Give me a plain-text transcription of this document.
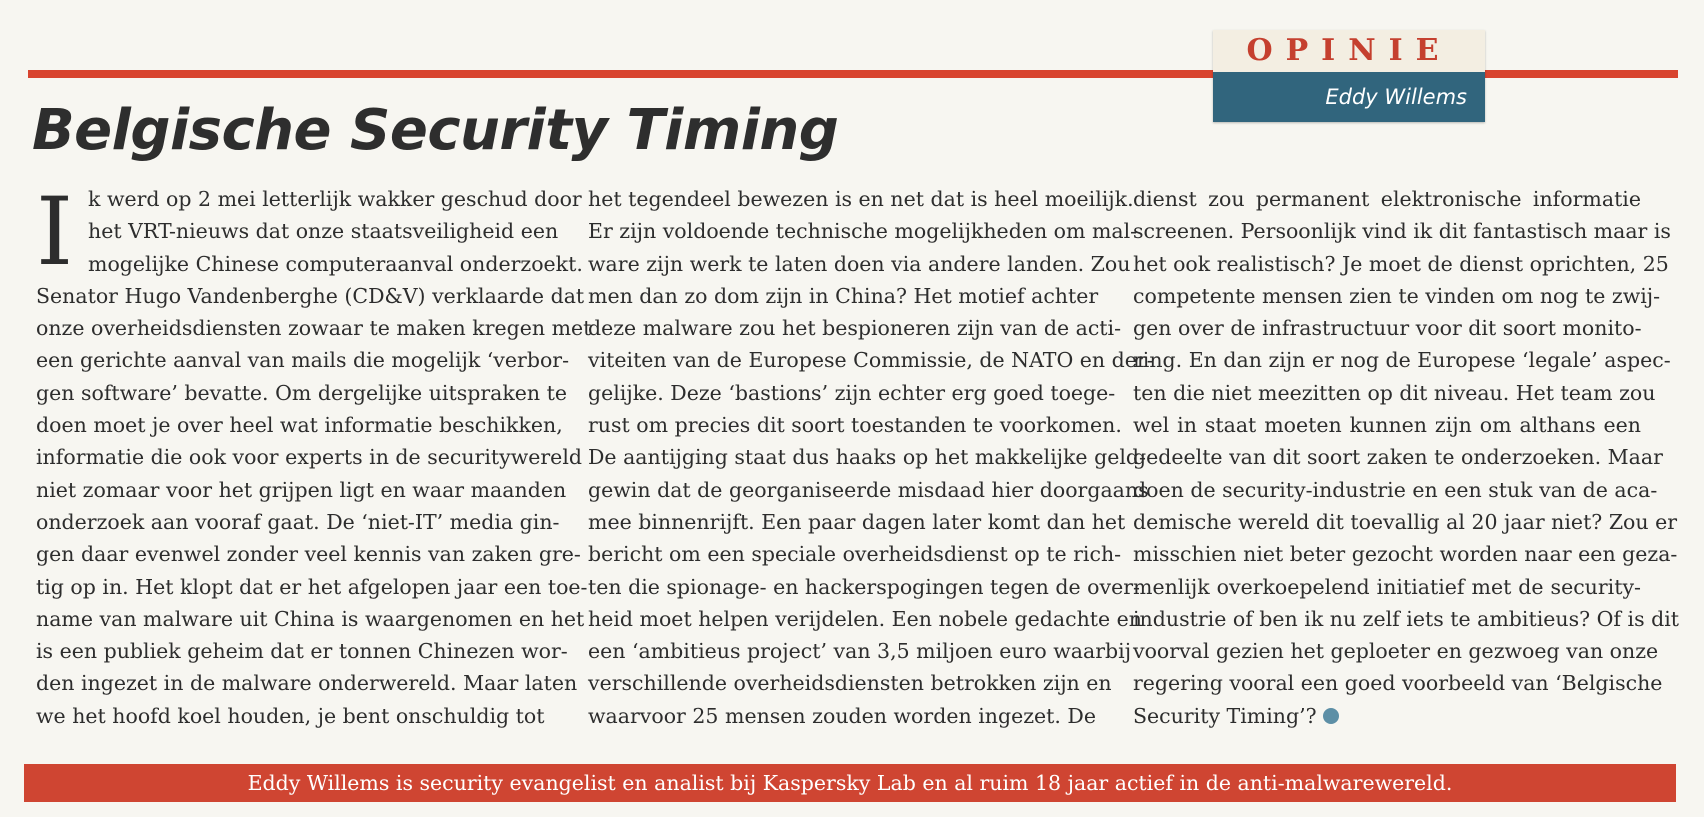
OPINIE
Eddy Willems
Belgische Security Timing
I k werd op 2 mei letterlijk wakker geschud door
het VRT-nieuws dat onze staatsveiligheid een
mogelijke Chinese computeraanval onderzoekt.
Senator Hugo Vandenberghe (CD&V) verklaarde dat
onze overheidsdiensten zowaar te maken kregen met
een gerichte aanval van mails die mogelijk ‘verbor-
gen software’ bevatte. Om dergelijke uitspraken te
doen moet je over heel wat informatie beschikken,
informatie die ook voor experts in de securitywereld
niet zomaar voor het grijpen ligt en waar maanden
onderzoek aan vooraf gaat. De ‘niet-IT’ media gin-
gen daar evenwel zonder veel kennis van zaken gre-
tig op in. Het klopt dat er het afgelopen jaar een toe-
name van malware uit China is waargenomen en het
is een publiek geheim dat er tonnen Chinezen wor-
den ingezet in de malware onderwereld. Maar laten
we het hoofd koel houden, je bent onschuldig tot
het tegendeel bewezen is en net dat is heel moeilijk.
Er zijn voldoende technische mogelijkheden om mal-
ware zijn werk te laten doen via andere landen. Zou
men dan zo dom zijn in China? Het motief achter
deze malware zou het bespioneren zijn van de acti-
viteiten van de Europese Commissie, de NATO en der-
gelijke. Deze ‘bastions’ zijn echter erg goed toege-
rust om precies dit soort toestanden te voorkomen.
De aantijging staat dus haaks op het makkelijke geld-
gewin dat de georganiseerde misdaad hier doorgaans
mee binnenrijft. Een paar dagen later komt dan het
bericht om een speciale overheidsdienst op te rich-
ten die spionage- en hackerspogingen tegen de over-
heid moet helpen verijdelen. Een nobele gedachte en
een ‘ambitieus project’ van 3,5 miljoen euro waarbij
verschillende overheidsdiensten betrokken zijn en
waarvoor 25 mensen zouden worden ingezet. De
dienst zou permanent elektronische informatie
screenen. Persoonlijk vind ik dit fantastisch maar is
het ook realistisch? Je moet de dienst oprichten, 25
competente mensen zien te vinden om nog te zwij-
gen over de infrastructuur voor dit soort monito-
ring. En dan zijn er nog de Europese ‘legale’ aspec-
ten die niet meezitten op dit niveau. Het team zou
wel in staat moeten kunnen zijn om althans een
gedeelte van dit soort zaken te onderzoeken. Maar
doen de security-industrie en een stuk van de aca-
demische wereld dit toevallig al 20 jaar niet? Zou er
misschien niet beter gezocht worden naar een geza-
menlijk overkoepelend initiatief met de security-
industrie of ben ik nu zelf iets te ambitieus? Of is dit
voorval gezien het geploeter en gezwoeg van onze
regering vooral een goed voorbeeld van ‘Belgische
Security Timing’?
Eddy Willems is security evangelist en analist bij Kaspersky Lab en al ruim 18 jaar actief in de anti-malwarewereld.
